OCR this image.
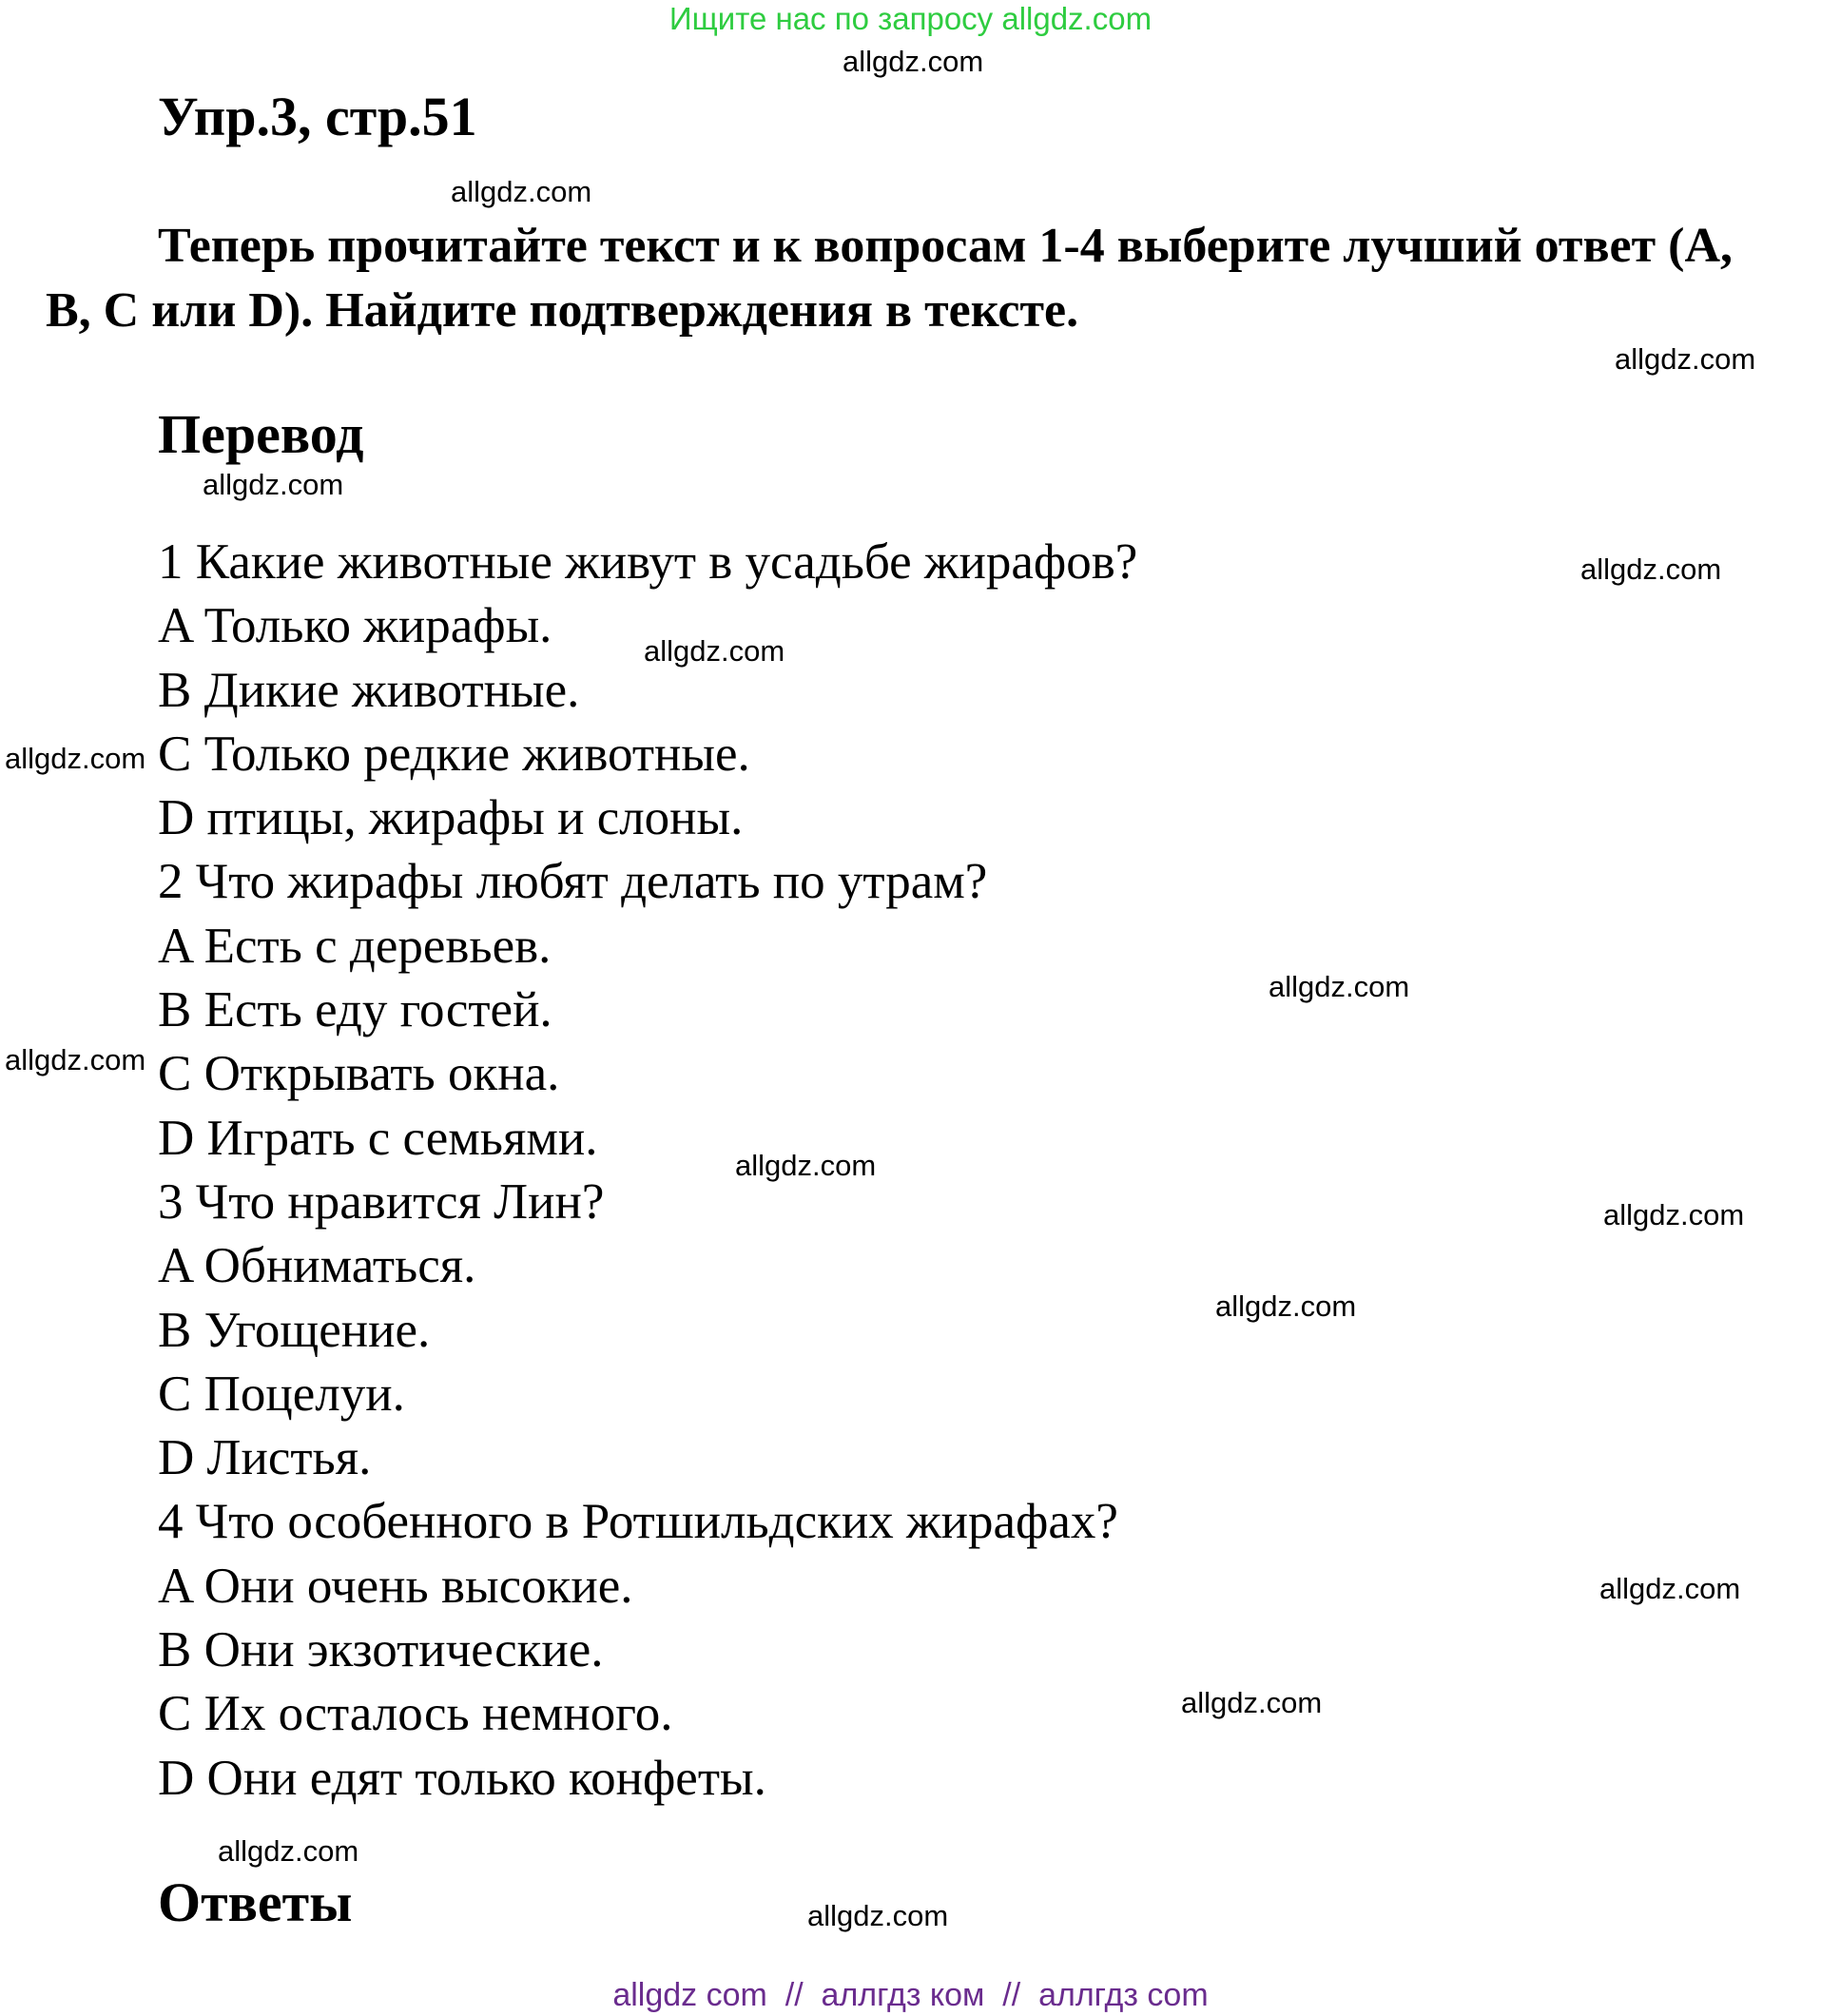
Ищите нас по запросу allgdz.com
Упр.3, стр.51
Теперь прочитайте текст и к вопросам 1-4 выберите лучший ответ (A, B, C или D). Найдите подтверждения в тексте.
Перевод
1 Какие животные живут в усадьбе жирафов?
A Только жирафы.
B Дикие животные.
C Только редкие животные.
D птицы, жирафы и слоны.
2 Что жирафы любят делать по утрам?
A Есть с деревьев.
B Есть еду гостей.
C Открывать окна.
D Играть с семьями.
3 Что нравится Лин?
A Обниматься.
B Угощение.
C Поцелуи.
D Листья.
4 Что особенного в Ротшильдских жирафах?
A Они очень высокие.
B Они экзотические.
C Их осталось немного.
D Они едят только конфеты.
Ответы
allgdz.com
allgdz.com
allgdz.com
allgdz.com
allgdz.com
allgdz.com
allgdz.com
allgdz.com
allgdz.com
allgdz.com
allgdz.com
allgdz.com
allgdz.com
allgdz.com
allgdz.com
allgdz.com
allgdz com  //  аллгдз ком  //  аллгдз com
